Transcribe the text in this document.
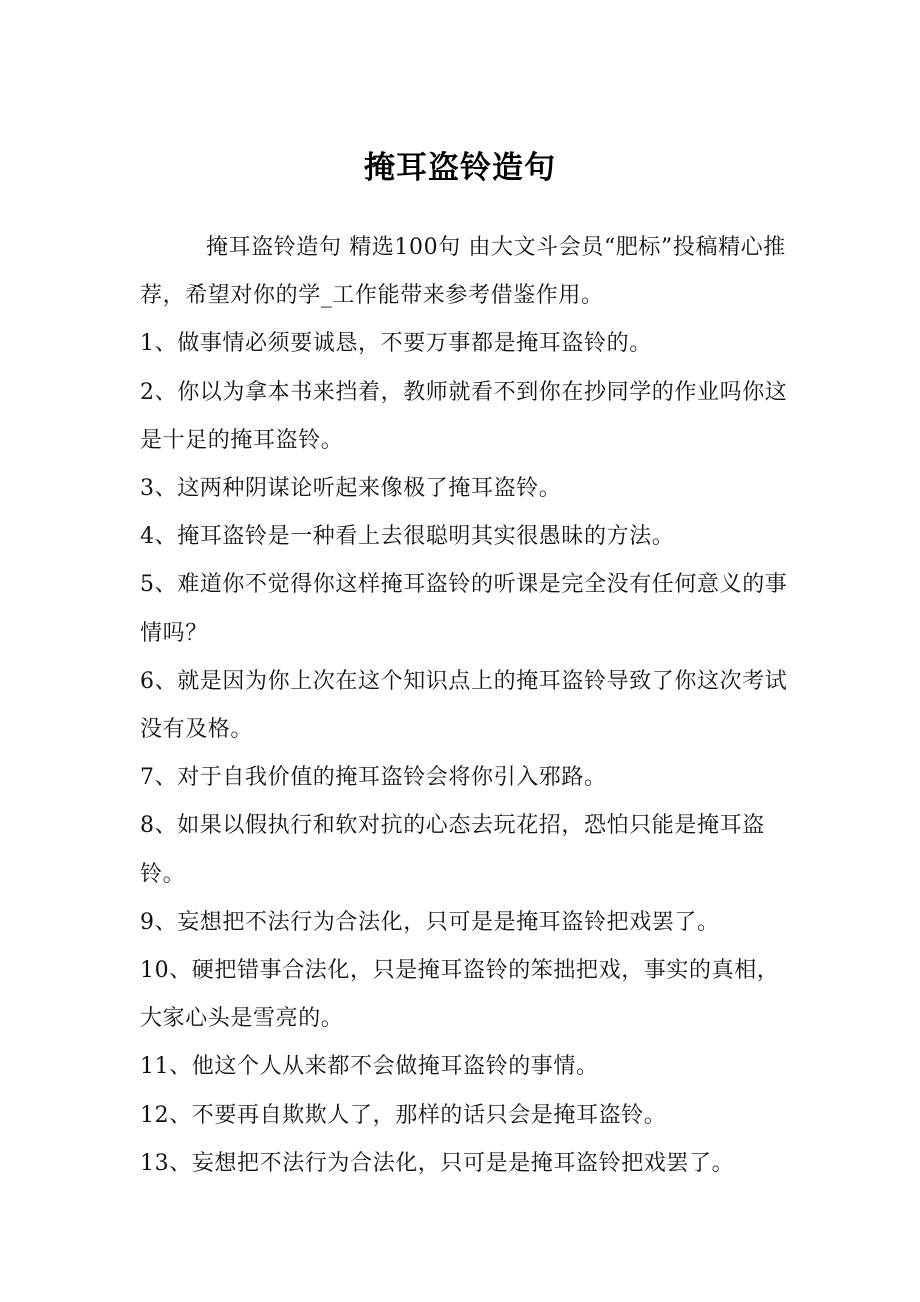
掩耳盗铃造句

掩耳盗铃造句 精选100句 由大文斗会员“肥标”投稿精心推荐，希望对你的学_工作能带来参考借鉴作用。

1、做事情必须要诚恳，不要万事都是掩耳盗铃的。

2、你以为拿本书来挡着，教师就看不到你在抄同学的作业吗你这是十足的掩耳盗铃。

3、这两种阴谋论听起来像极了掩耳盗铃。

4、掩耳盗铃是一种看上去很聪明其实很愚昧的方法。

5、难道你不觉得你这样掩耳盗铃的听课是完全没有任何意义的事情吗？

6、就是因为你上次在这个知识点上的掩耳盗铃导致了你这次考试没有及格。

7、对于自我价值的掩耳盗铃会将你引入邪路。

8、如果以假执行和软对抗的心态去玩花招，恐怕只能是掩耳盗铃。

9、妄想把不法行为合法化，只可是是掩耳盗铃把戏罢了。

10、硬把错事合法化，只是掩耳盗铃的笨拙把戏，事实的真相，大家心头是雪亮的。

11、他这个人从来都不会做掩耳盗铃的事情。

12、不要再自欺欺人了，那样的话只会是掩耳盗铃。

13、妄想把不法行为合法化，只可是是掩耳盗铃把戏罢了。
